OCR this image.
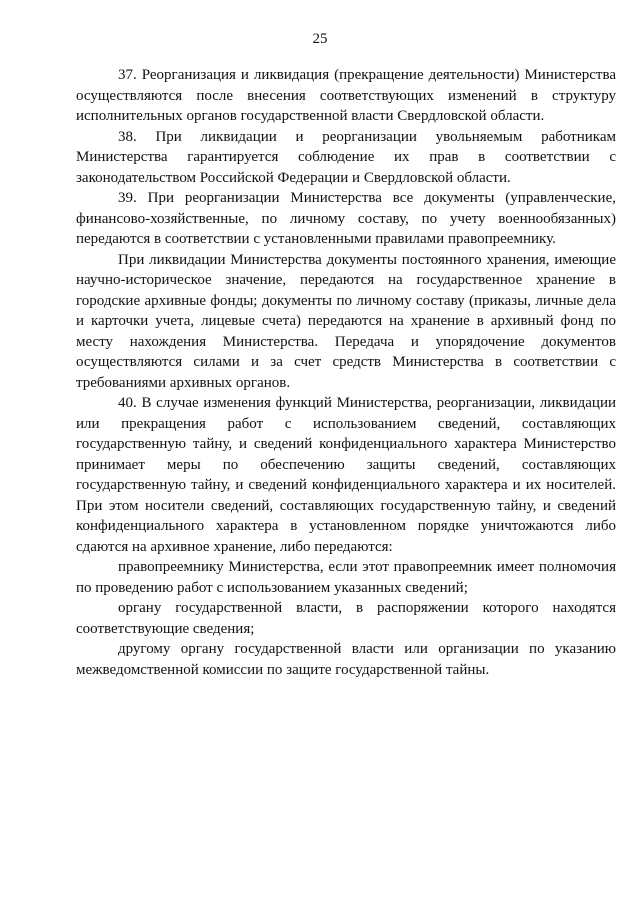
25

37. Реорганизация и ликвидация (прекращение деятельности) Министерства осуществляются после внесения соответствующих изменений в структуру исполнительных органов государственной власти Свердловской области.

38. При ликвидации и реорганизации увольняемым работникам Министерства гарантируется соблюдение их прав в соответствии с законодательством Российской Федерации и Свердловской области.

39. При реорганизации Министерства все документы (управленческие, финансово-хозяйственные, по личному составу, по учету военнообязанных) передаются в соответствии с установленными правилами правопреемнику.

При ликвидации Министерства документы постоянного хранения, имеющие научно-историческое значение, передаются на государственное хранение в городские архивные фонды; документы по личному составу (приказы, личные дела и карточки учета, лицевые счета) передаются на хранение в архивный фонд по месту нахождения Министерства. Передача и упорядочение документов осуществляются силами и за счет средств Министерства в соответствии с требованиями архивных органов.

40. В случае изменения функций Министерства, реорганизации, ликвидации или прекращения работ с использованием сведений, составляющих государственную тайну, и сведений конфиденциального характера Министерство принимает меры по обеспечению защиты сведений, составляющих государственную тайну, и сведений конфиденциального характера и их носителей. При этом носители сведений, составляющих государственную тайну, и сведений конфиденциального характера в установленном порядке уничтожаются либо сдаются на архивное хранение, либо передаются:

правопреемнику Министерства, если этот правопреемник имеет полномочия по проведению работ с использованием указанных сведений;

органу государственной власти, в распоряжении которого находятся соответствующие сведения;

другому органу государственной власти или организации по указанию межведомственной комиссии по защите государственной тайны.
